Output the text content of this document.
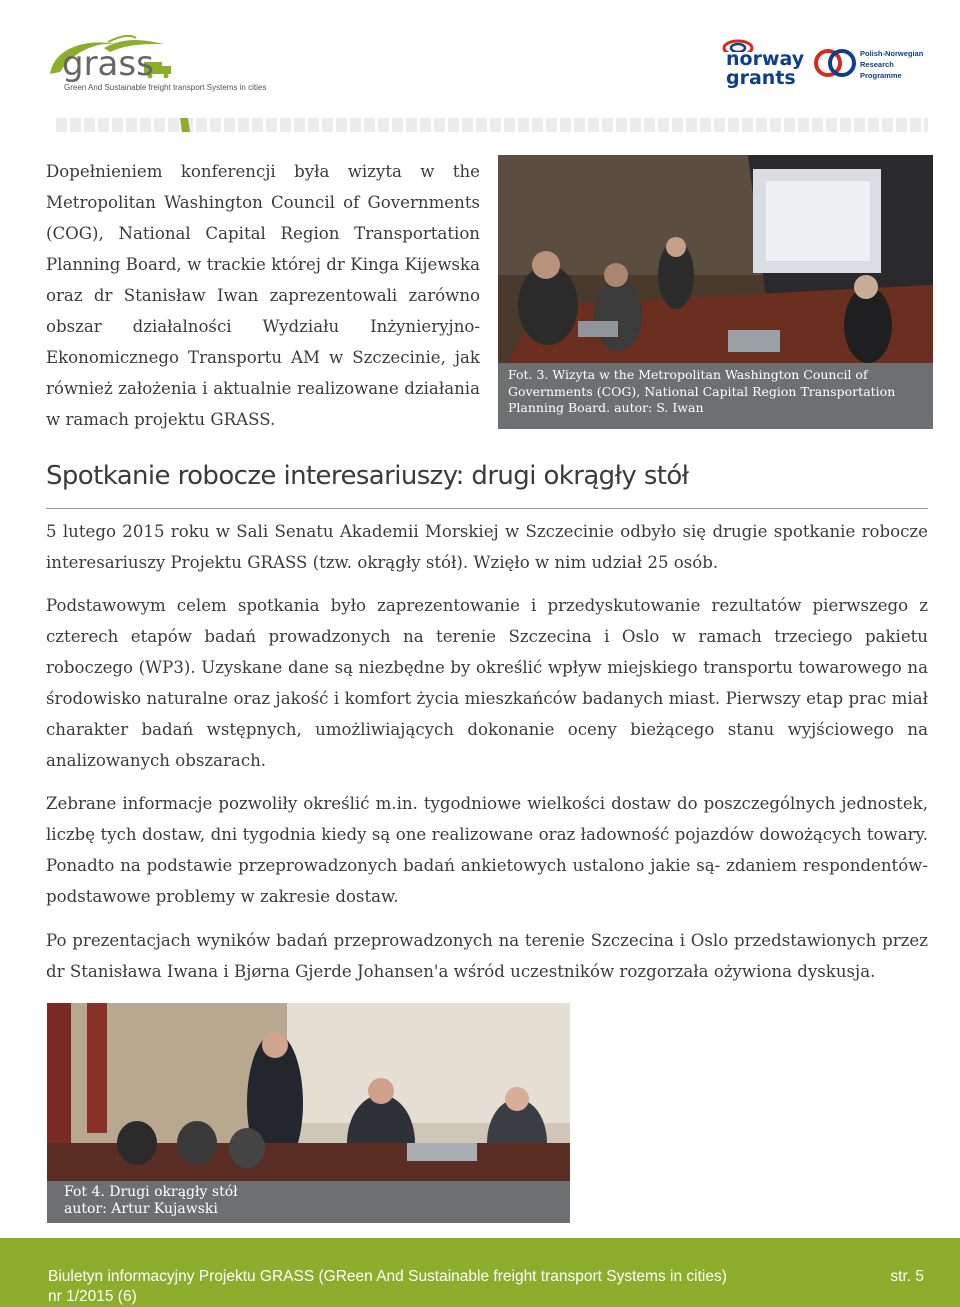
grass
Green And Sustainable freight transport Systems in cities
norway
grants
Polish-Norwegian
Research
Programme
Dopełnieniem konferencji była wizyta w the
Metropolitan Washington Council of Governments
(COG), National Capital Region Transportation
Planning Board, w trackie której dr Kinga Kijewska
oraz dr Stanisław Iwan zaprezentowali zarówno
obszar działalności Wydziału Inżynieryjno-
Ekonomicznego Transportu AM w Szczecinie, jak
również założenia i aktualnie realizowane działania
w ramach projektu GRASS.
Fot. 3. Wizyta w the Metropolitan Washington Council of Governments (COG), National Capital Region Transportation Planning Board. autor: S. Iwan
Spotkanie robocze interesariuszy: drugi okrągły stół

5 lutego 2015 roku w Sali Senatu Akademii Morskiej w Szczecinie odbyło się drugie spotkanie robocze interesariuszy Projektu GRASS (tzw. okrągły stół). Wzięło w nim udział 25 osób.

Podstawowym celem spotkania było zaprezentowanie i przedyskutowanie rezultatów pierwszego z czterech etapów badań prowadzonych na terenie Szczecina i Oslo w ramach trzeciego pakietu roboczego (WP3). Uzyskane dane są niezbędne by określić wpływ miejskiego transportu towarowego na środowisko naturalne oraz jakość i komfort życia mieszkańców badanych miast. Pierwszy etap prac miał charakter badań wstępnych, umożliwiających dokonanie oceny bieżącego stanu wyjściowego na analizowanych obszarach.

Zebrane informacje pozwoliły określić m.in. tygodniowe wielkości dostaw do poszczególnych jednostek, liczbę tych dostaw, dni tygodnia kiedy są one realizowane oraz ładowność pojazdów dowożących towary. Ponadto na podstawie przeprowadzonych badań ankietowych ustalono jakie są- zdaniem respondentów- podstawowe problemy w zakresie dostaw.

Po prezentacjach wyników badań przeprowadzonych na terenie Szczecina i Oslo przedstawionych przez dr Stanisława Iwana i Bjørna Gjerde Johansen'a wśród uczestników rozgorzała ożywiona dyskusja.

Fot 4. Drugi okrągły stół
autor: Artur Kujawski
Biuletyn informacyjny Projektu GRASS (GReen And Sustainable freight transport Systems in cities)
nr 1/2015 (6)
str. 5
